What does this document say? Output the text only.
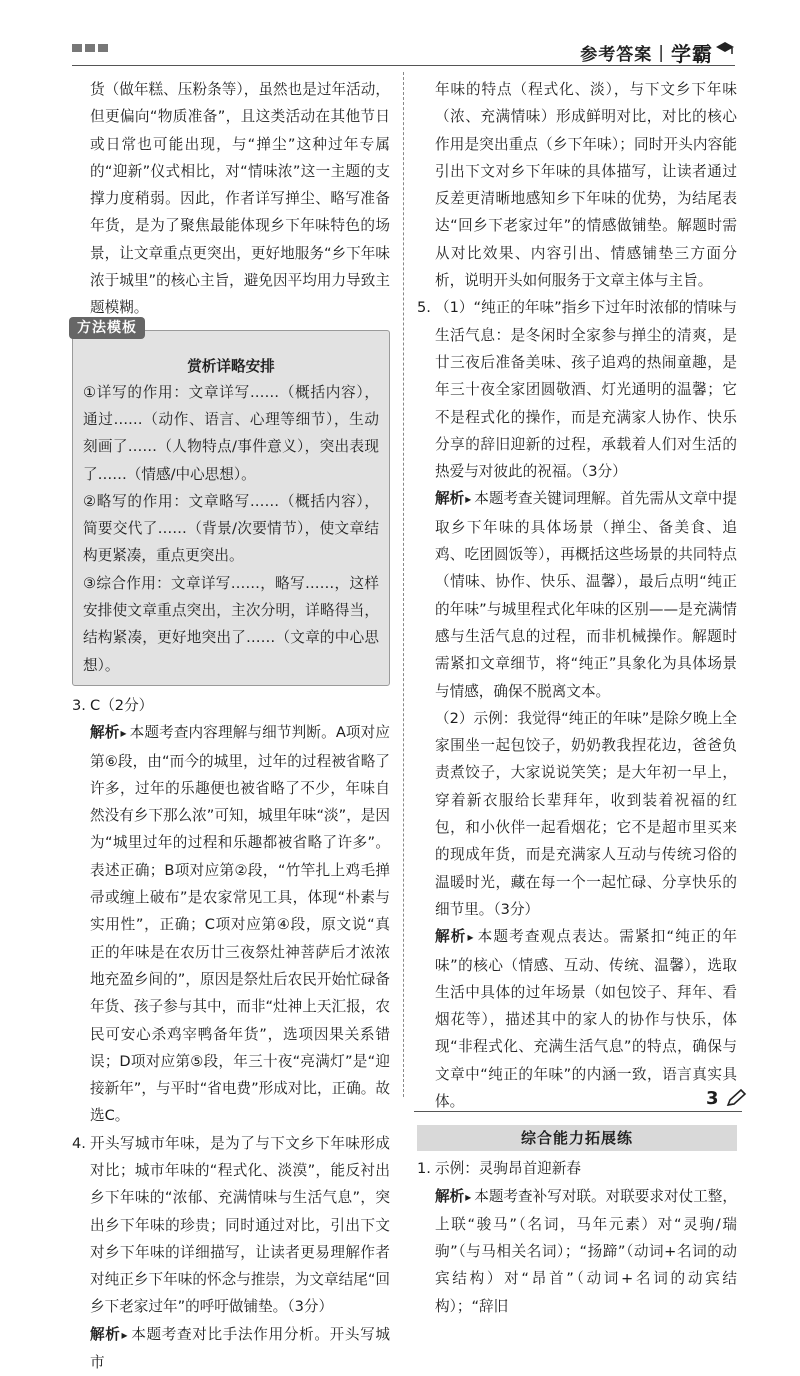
参考答案 | 学霸

货（做年糕、压粉条等），虽然也是过年活动，但更偏向“物质准备”，且这类活动在其他节日或日常也可能出现，与“掸尘”这种过年专属的“迎新”仪式相比，对“情味浓”这一主题的支撑力度稍弱。因此，作者详写掸尘、略写准备年货，是为了聚焦最能体现乡下年味特色的场景，让文章重点更突出，更好地服务“乡下年味浓于城里”的核心主旨，避免因平均用力导致主题模糊。

方法模板
赏析详略安排

①详写的作用：文章详写……（概括内容），通过……（动作、语言、心理等细节），生动刻画了……（人物特点/事件意义），突出表现了……（情感/中心思想）。

②略写的作用：文章略写……（概括内容），简要交代了……（背景/次要情节），使文章结构更紧凑，重点更突出。

③综合作用：文章详写……，略写……，这样安排使文章重点突出，主次分明，详略得当，结构紧凑，更好地突出了……（文章的中心思想）。

3. C（2分）

解析 ▸ 本题考查内容理解与细节判断。A项对应第⑥段，由“而今的城里，过年的过程被省略了许多，过年的乐趣便也被省略了不少，年味自然没有乡下那么浓”可知，城里年味“淡”，是因为“城里过年的过程和乐趣都被省略了许多”。表述正确；B项对应第②段，“竹竿扎上鸡毛掸帚或缠上破布”是农家常见工具，体现“朴素与实用性”，正确；C项对应第④段，原文说“真正的年味是在农历廿三夜祭灶神菩萨后才浓浓地充盈乡间的”，原因是祭灶后农民开始忙碌备年货、孩子参与其中，而非“灶神上天汇报，农民可安心杀鸡宰鸭备年货”，选项因果关系错误；D项对应第⑤段，年三十夜“亮满灯”是“迎接新年”，与平时“省电费”形成对比，正确。故选C。

4. 开头写城市年味，是为了与下文乡下年味形成对比；城市年味的“程式化、淡漠”，能反衬出乡下年味的“浓郁、充满情味与生活气息”，突出乡下年味的珍贵；同时通过对比，引出下文对乡下年味的详细描写，让读者更易理解作者对纯正乡下年味的怀念与推崇，为文章结尾“回乡下老家过年”的呼吁做铺垫。（3分）

解析 ▸ 本题考查对比手法作用分析。开头写城市

年味的特点（程式化、淡），与下文乡下年味（浓、充满情味）形成鲜明对比，对比的核心作用是突出重点（乡下年味）；同时开头内容能引出下文对乡下年味的具体描写，让读者通过反差更清晰地感知乡下年味的优势，为结尾表达“回乡下老家过年”的情感做铺垫。解题时需从对比效果、内容引出、情感铺垫三方面分析，说明开头如何服务于文章主体与主旨。

5. （1）“纯正的年味”指乡下过年时浓郁的情味与生活气息：是冬闲时全家参与掸尘的清爽，是廿三夜后准备美味、孩子追鸡的热闹童趣，是年三十夜全家团圆敬酒、灯光通明的温馨；它不是程式化的操作，而是充满家人协作、快乐分享的辞旧迎新的过程，承载着人们对生活的热爱与对彼此的祝福。（3分）

解析 ▸ 本题考查关键词理解。首先需从文章中提取乡下年味的具体场景（掸尘、备美食、追鸡、吃团圆饭等），再概括这些场景的共同特点（情味、协作、快乐、温馨），最后点明“纯正的年味”与城里程式化年味的区别——是充满情感与生活气息的过程，而非机械操作。解题时需紧扣文章细节，将“纯正”具象化为具体场景与情感，确保不脱离文本。

（2）示例：我觉得“纯正的年味”是除夕晚上全家围坐一起包饺子，奶奶教我捏花边，爸爸负责煮饺子，大家说说笑笑；是大年初一早上，穿着新衣服给长辈拜年，收到装着祝福的红包，和小伙伴一起看烟花；它不是超市里买来的现成年货，而是充满家人互动与传统习俗的温暖时光，藏在每一个一起忙碌、分享快乐的细节里。（3分）

解析 ▸ 本题考查观点表达。需紧扣“纯正的年味”的核心（情感、互动、传统、温馨），选取生活中具体的过年场景（如包饺子、拜年、看烟花等），描述其中的家人的协作与快乐，体现“非程式化、充满生活气息”的特点，确保与文章中“纯正的年味”的内涵一致，语言真实具体。

综合能力拓展练
1. 示例：灵驹昂首迎新春

解析 ▸ 本题考查补写对联。对联要求对仗工整，上联“骏马”（名词，马年元素）对“灵驹/瑞驹”（与马相关名词）；“扬蹄”（动词+名词的动宾结构）对“昂首”（动词+名词的动宾结构）；“辞旧

3
